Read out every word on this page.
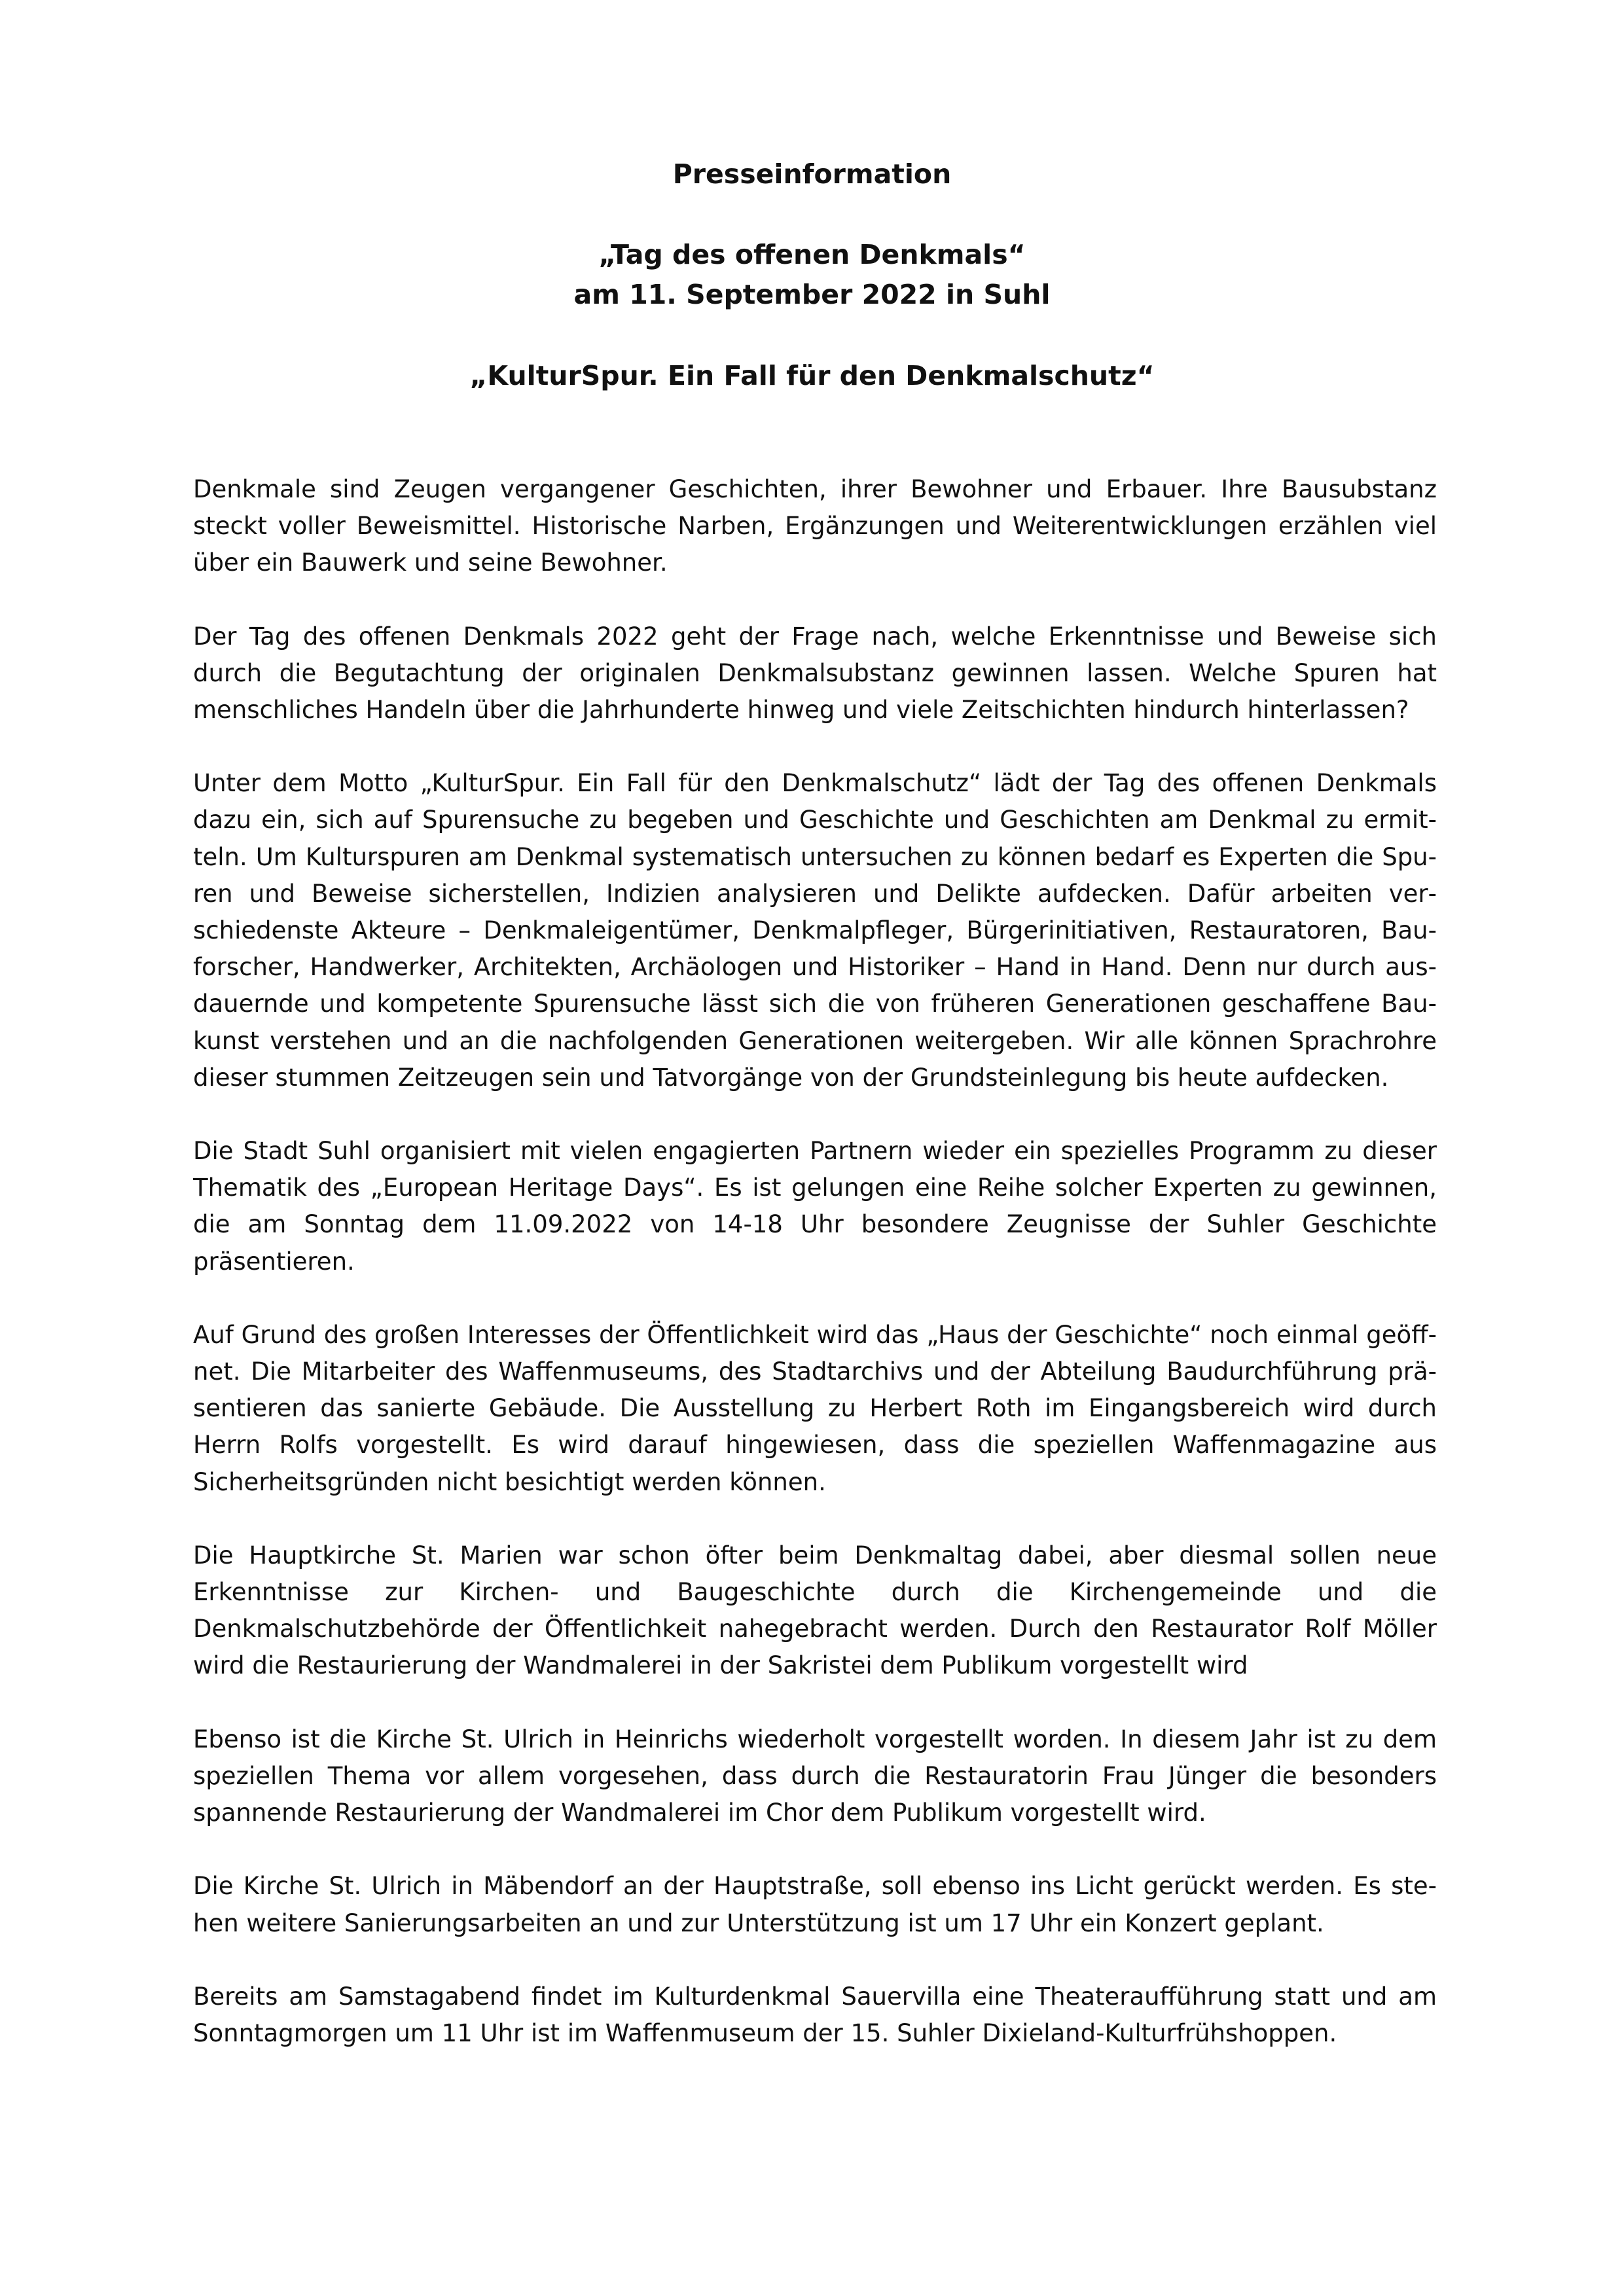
Presseinformation
„Tag des offenen Denkmals“
am 11. September 2022 in Suhl
„KulturSpur. Ein Fall für den Denkmalschutz“

Denkmale sind Zeugen vergangener Geschichten, ihrer Bewohner und Erbauer. Ihre Bausubstanz steckt voller Beweismittel. Historische Narben, Ergänzungen und Weiterentwicklungen erzählen viel über ein Bauwerk und seine Bewohner.

Der Tag des offenen Denkmals 2022 geht der Frage nach, welche Erkenntnisse und Beweise sich durch die Begutachtung der originalen Denkmalsubstanz gewinnen lassen. Welche Spuren hat menschliches Handeln über die Jahrhunderte hinweg und viele Zeitschichten hindurch hinterlassen?

Unter dem Motto „KulturSpur. Ein Fall für den Denkmalschutz“ lädt der Tag des offenen Denkmals dazu ein, sich auf Spurensuche zu begeben und Geschichte und Geschichten am Denkmal zu ermitteln. Um Kulturspuren am Denkmal systematisch untersuchen zu können bedarf es Experten die Spuren und Beweise sicherstellen, Indizien analysieren und Delikte aufdecken. Dafür arbeiten verschiedenste Akteure – Denkmaleigentümer, Denkmalpfleger, Bürgerinitiativen, Restauratoren, Bauforscher, Handwerker, Architekten, Archäologen und Historiker – Hand in Hand. Denn nur durch ausdauernde und kompetente Spurensuche lässt sich die von früheren Generationen geschaffene Baukunst verstehen und an die nachfolgenden Generationen weitergeben. Wir alle können Sprachrohre dieser stummen Zeitzeugen sein und Tatvorgänge von der Grundsteinlegung bis heute aufdecken.

Die Stadt Suhl organisiert mit vielen engagierten Partnern wieder ein spezielles Programm zu dieser Thematik des „European Heritage Days“. Es ist gelungen eine Reihe solcher Experten zu gewinnen, die am Sonntag dem 11.09.2022 von 14-18 Uhr besondere Zeugnisse der Suhler Geschichte präsentieren.

Auf Grund des großen Interesses der Öffentlichkeit wird das „Haus der Geschichte“ noch einmal geöffnet. Die Mitarbeiter des Waffenmuseums, des Stadtarchivs und der Abteilung Baudurchführung präsentieren das sanierte Gebäude. Die Ausstellung zu Herbert Roth im Eingangsbereich wird durch Herrn Rolfs vorgestellt. Es wird darauf hingewiesen, dass die speziellen Waffenmagazine aus Sicherheitsgründen nicht besichtigt werden können.

Die Hauptkirche St. Marien war schon öfter beim Denkmaltag dabei, aber diesmal sollen neue Erkenntnisse zur Kirchen- und Baugeschichte durch die Kirchengemeinde und die Denkmalschutzbehörde der Öffentlichkeit nahegebracht werden. Durch den Restaurator Rolf Möller wird die Restaurierung der Wandmalerei in der Sakristei dem Publikum vorgestellt wird

Ebenso ist die Kirche St. Ulrich in Heinrichs wiederholt vorgestellt worden. In diesem Jahr ist zu dem speziellen Thema vor allem vorgesehen, dass durch die Restauratorin Frau Jünger die besonders spannende Restaurierung der Wandmalerei im Chor dem Publikum vorgestellt wird.

Die Kirche St. Ulrich in Mäbendorf an der Hauptstraße, soll ebenso ins Licht gerückt werden. Es stehen weitere Sanierungsarbeiten an und zur Unterstützung ist um 17 Uhr ein Konzert geplant.

Bereits am Samstagabend findet im Kulturdenkmal Sauervilla eine Theateraufführung statt und am Sonntagmorgen um 11 Uhr ist im Waffenmuseum der 15. Suhler Dixieland-Kulturfrühshoppen.
